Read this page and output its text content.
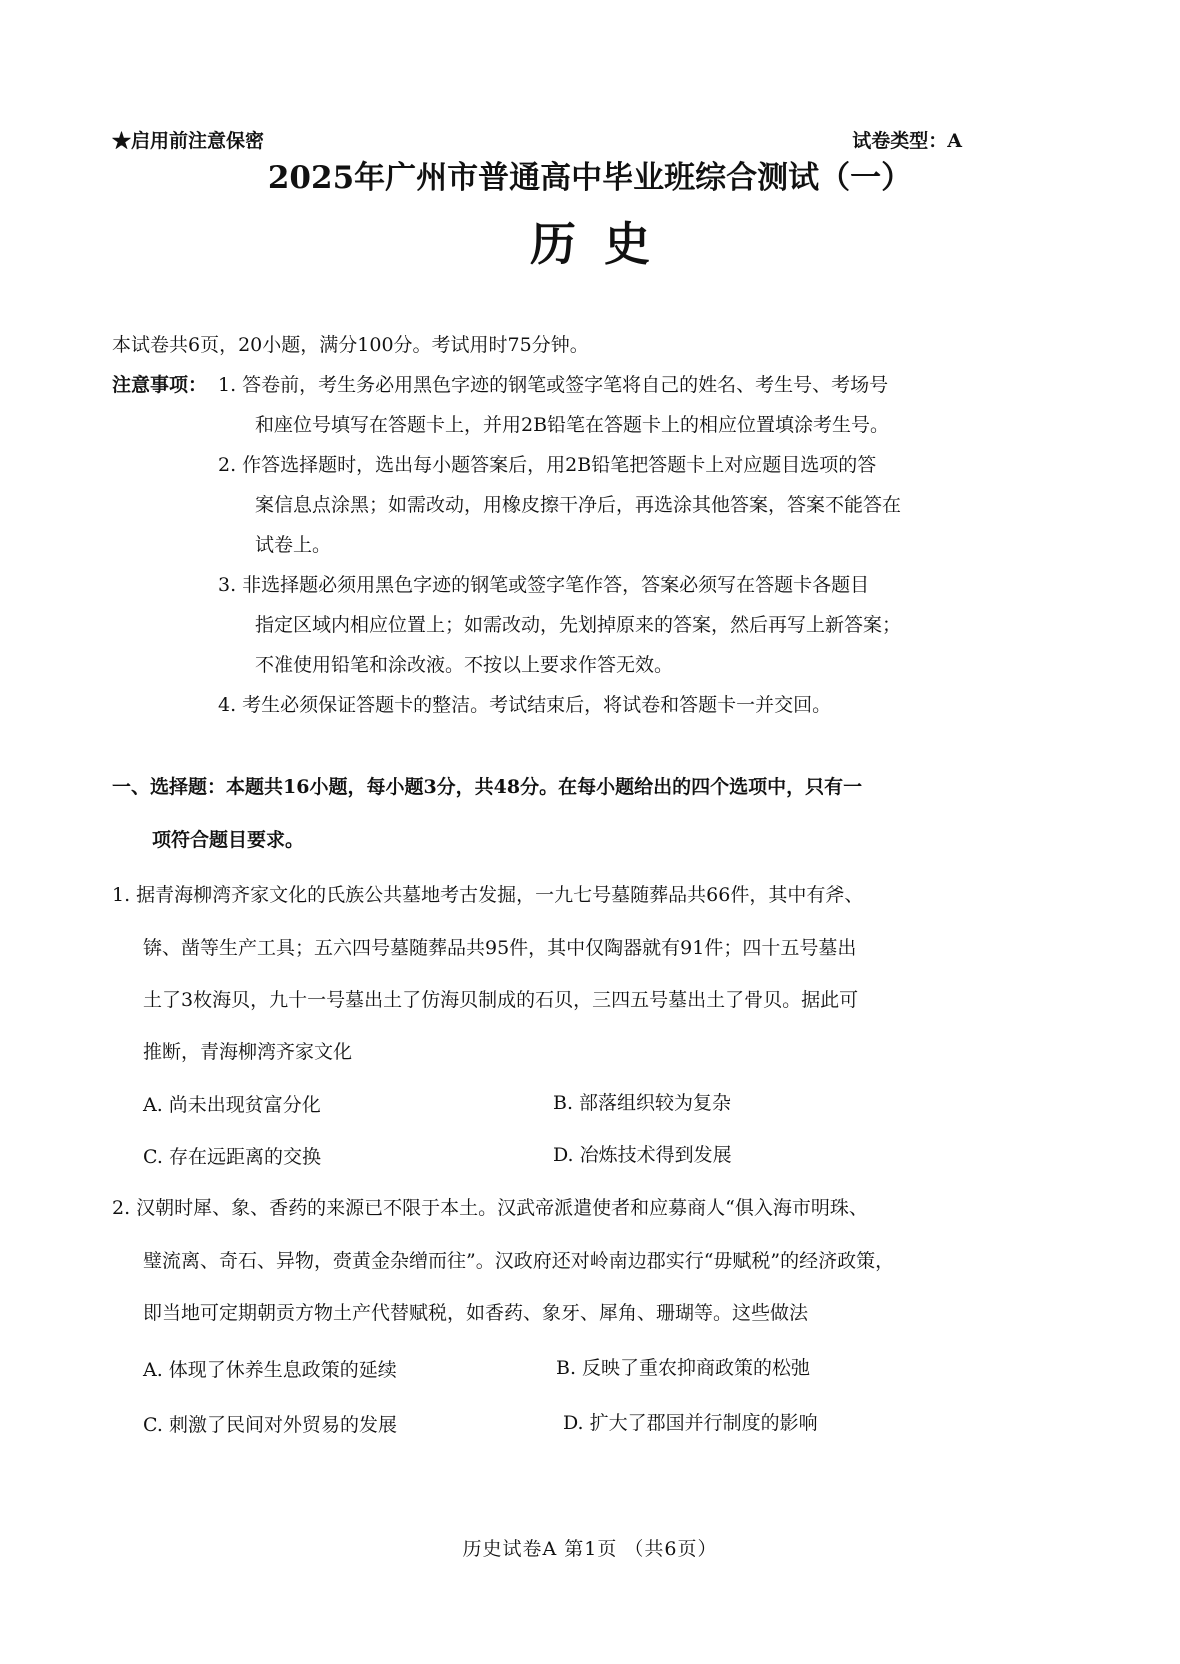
★启用前注意保密	试卷类型：A
2025年广州市普通高中毕业班综合测试（一）
历史
本试卷共6页，20小题，满分100分。考试用时75分钟。
注意事项： 1. 答卷前，考生务必用黑色字迹的钢笔或签字笔将自己的姓名、考生号、考场号
和座位号填写在答题卡上，并用2B铅笔在答题卡上的相应位置填涂考生号。
2. 作答选择题时，选出每小题答案后，用2B铅笔把答题卡上对应题目选项的答
案信息点涂黑；如需改动，用橡皮擦干净后，再选涂其他答案，答案不能答在
试卷上。
3. 非选择题必须用黑色字迹的钢笔或签字笔作答，答案必须写在答题卡各题目
指定区域内相应位置上；如需改动，先划掉原来的答案，然后再写上新答案；
不准使用铅笔和涂改液。不按以上要求作答无效。
4. 考生必须保证答题卡的整洁。考试结束后，将试卷和答题卡一并交回。
一、选择题：本题共16小题，每小题3分，共48分。在每小题给出的四个选项中，只有一
项符合题目要求。
1. 据青海柳湾齐家文化的氏族公共墓地考古发掘，一九七号墓随葬品共66件，其中有斧、
锛、凿等生产工具；五六四号墓随葬品共95件，其中仅陶器就有91件；四十五号墓出
土了3枚海贝，九十一号墓出土了仿海贝制成的石贝，三四五号墓出土了骨贝。据此可
推断，青海柳湾齐家文化
A. 尚未出现贫富分化	B. 部落组织较为复杂
C. 存在远距离的交换	D. 冶炼技术得到发展
2. 汉朝时犀、象、香药的来源已不限于本土。汉武帝派遣使者和应募商人“俱入海市明珠、
璧流离、奇石、异物，赍黄金杂缯而往”。汉政府还对岭南边郡实行“毋赋税”的经济政策，
即当地可定期朝贡方物土产代替赋税，如香药、象牙、犀角、珊瑚等。这些做法
A. 体现了休养生息政策的延续	B. 反映了重农抑商政策的松弛
C. 刺激了民间对外贸易的发展	D. 扩大了郡国并行制度的影响
历史试卷A 第1页 （共6页）
